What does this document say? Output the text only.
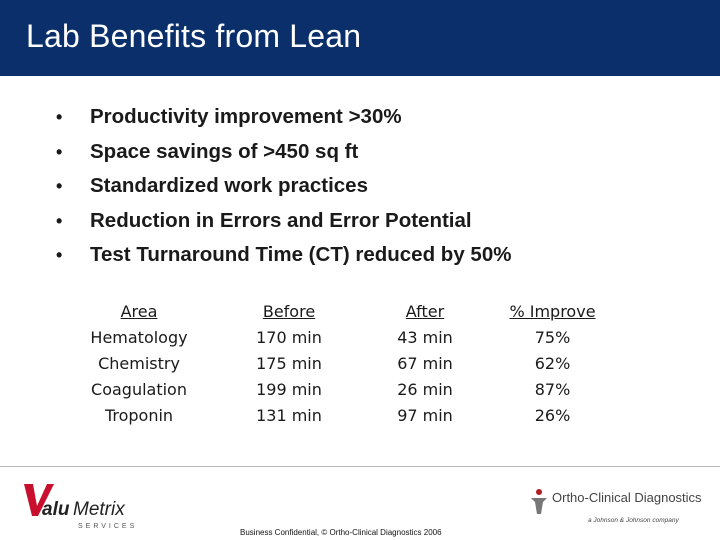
Lab Benefits from Lean
• Productivity improvement >30%
• Space savings of >450 sq ft
• Standardized work practices
• Reduction in Errors and Error Potential
• Test Turnaround Time (CT) reduced by 50%
Area	Before	After	% Improve
Hematology	170 min	43 min	75%
Chemistry	175 min	67 min	62%
Coagulation	199 min	26 min	87%
Troponin	131 min	97 min	26%
alu Metrix
SERVICES
Ortho-Clinical Diagnostics
a Johnson & Johnson company
Business Confidential, © Ortho-Clinical Diagnostics 2006
